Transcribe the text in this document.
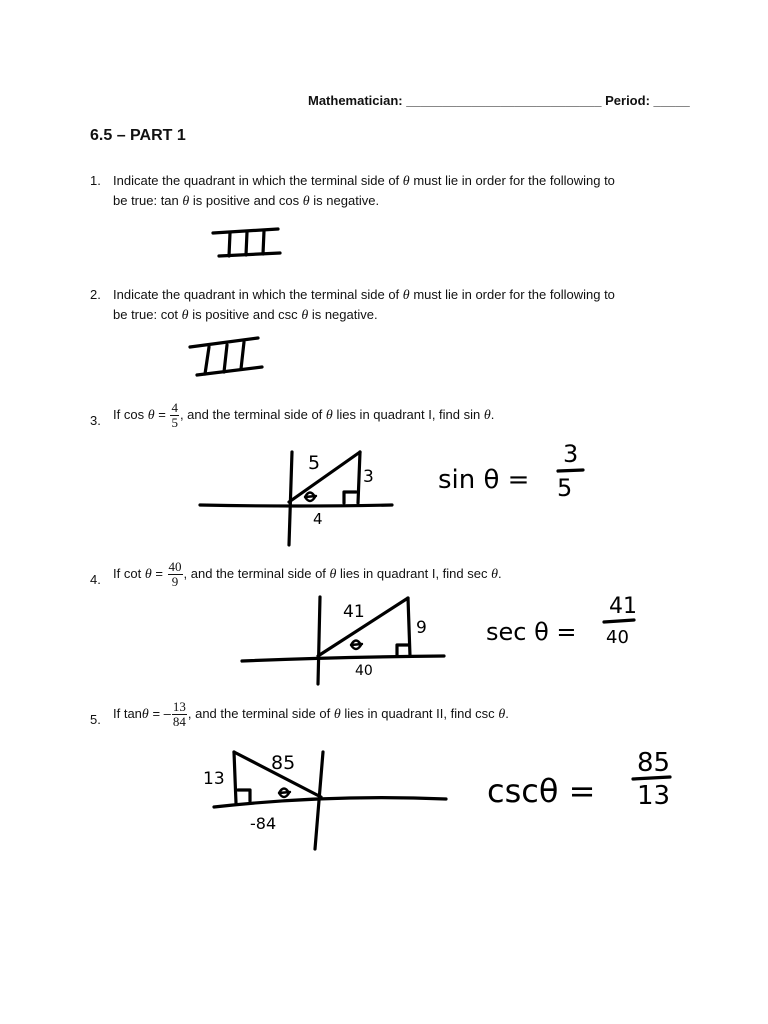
Mathematician: ___________________________ Period: _____
6.5 – PART 1
1. Indicate the quadrant in which the terminal side of θ must lie in order for the following to
be true: tan θ is positive and cos θ is negative.
2. Indicate the quadrant in which the terminal side of θ must lie in order for the following to
be true: cot θ is positive and csc θ is negative.
3. If $\cos \theta = \frac{4}{5}$ , and the terminal side of θ lies in quadrant I, find sin θ.
4. If $\cot \theta = \frac{40}{9}$ , and the terminal side of θ lies in quadrant I, find sec θ.
5. If tanθ = – $\frac{13}{84}$ , and the terminal side of θ lies in quadrant II, find csc θ.
5
3
4
sin θ =
3
5
41
9
40
sec θ =
41
40
85
13
-84
cscθ =
85
13
